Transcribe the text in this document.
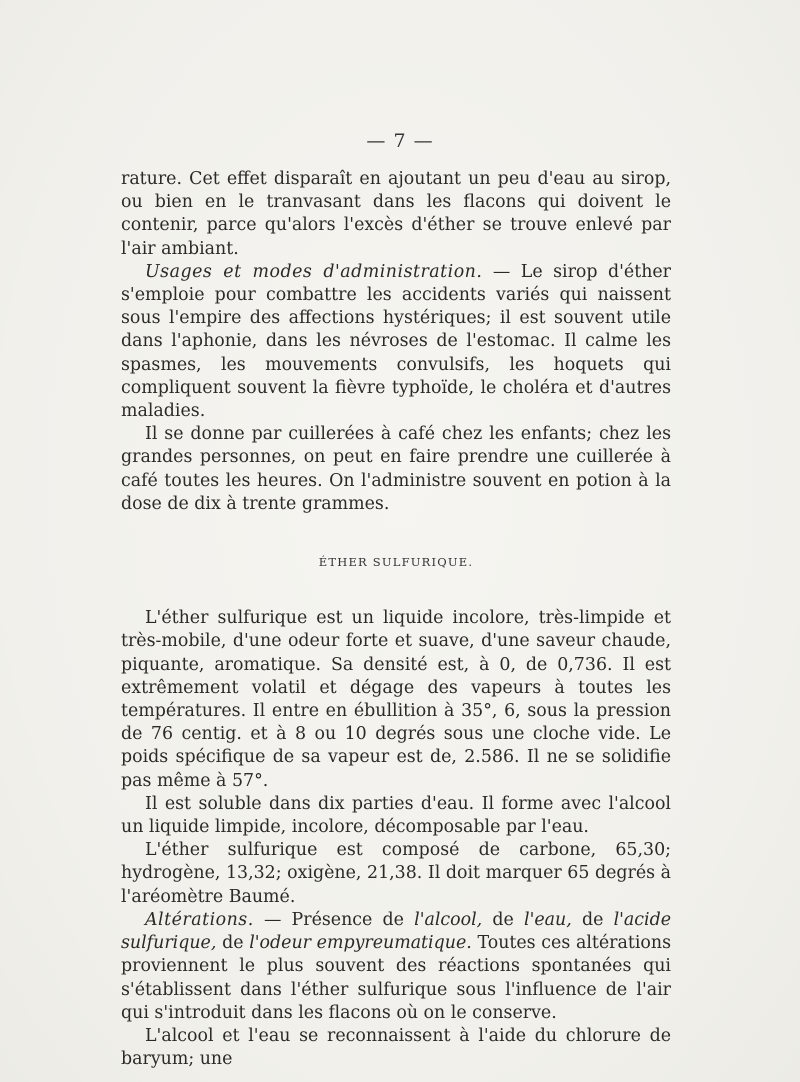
— 7 —

rature. Cet effet disparaît en ajoutant un peu d'eau au sirop, ou bien en le tranvasant dans les flacons qui doivent le contenir, parce qu'alors l'excès d'éther se trouve enlevé par l'air ambiant.

Usages et modes d'administration. — Le sirop d'éther s'emploie pour combattre les accidents variés qui naissent sous l'empire des affections hystériques; il est souvent utile dans l'aphonie, dans les névroses de l'estomac. Il calme les spasmes, les mouvements convulsifs, les hoquets qui compliquent souvent la fièvre typhoïde, le choléra et d'autres maladies.

Il se donne par cuillerées à café chez les enfants; chez les grandes personnes, on peut en faire prendre une cuillerée à café toutes les heures. On l'administre souvent en potion à la dose de dix à trente grammes.

ÉTHER SULFURIQUE.

L'éther sulfurique est un liquide incolore, très-limpide et très-mobile, d'une odeur forte et suave, d'une saveur chaude, piquante, aromatique. Sa densité est, à 0, de 0,736. Il est extrêmement volatil et dégage des vapeurs à toutes les températures. Il entre en ébullition à 35°, 6, sous la pression de 76 centig. et à 8 ou 10 degrés sous une cloche vide. Le poids spécifique de sa vapeur est de, 2.586. Il ne se solidifie pas même à 57°.

Il est soluble dans dix parties d'eau. Il forme avec l'alcool un liquide limpide, incolore, décomposable par l'eau.

L'éther sulfurique est composé de carbone, 65,30; hydrogène, 13,32; oxigène, 21,38. Il doit marquer 65 degrés à l'aréomètre Baumé.

Altérations. — Présence de l'alcool, de l'eau, de l'acide sulfurique, de l'odeur empyreumatique. Toutes ces altérations proviennent le plus souvent des réactions spontanées qui s'établissent dans l'éther sulfurique sous l'influence de l'air qui s'introduit dans les flacons où on le conserve.

L'alcool et l'eau se reconnaissent à l'aide du chlorure de baryum; une
